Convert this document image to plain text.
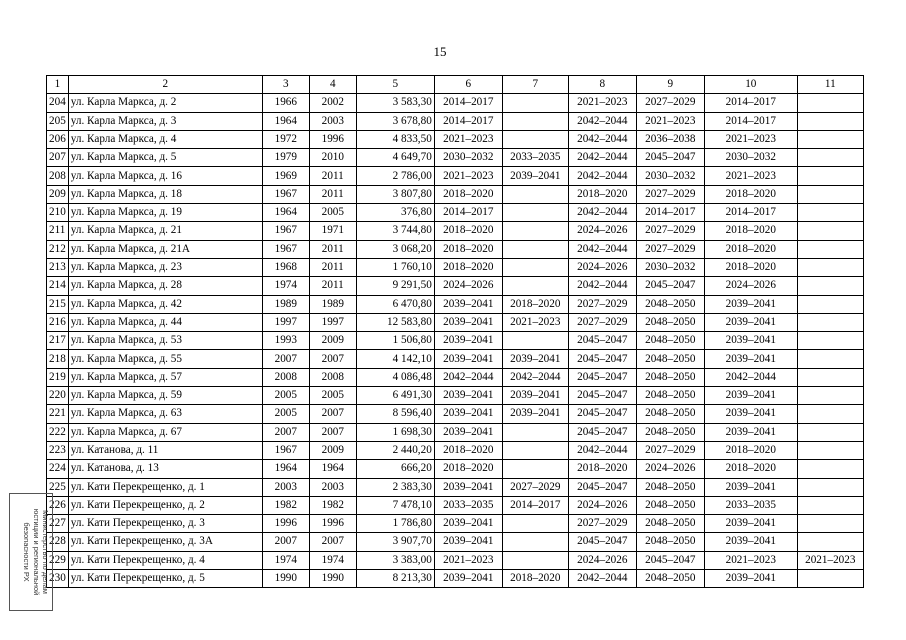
15
1	2	3	4	5	6	7	8	9	10	11
204	ул. Карла Маркса, д. 2	1966	2002	3 583,30	2014–2017		2021–2023	2027–2029	2014–2017	
205	ул. Карла Маркса, д. 3	1964	2003	3 678,80	2014–2017		2042–2044	2021–2023	2014–2017	
206	ул. Карла Маркса, д. 4	1972	1996	4 833,50	2021–2023		2042–2044	2036–2038	2021–2023	
207	ул. Карла Маркса, д. 5	1979	2010	4 649,70	2030–2032	2033–2035	2042–2044	2045–2047	2030–2032	
208	ул. Карла Маркса, д. 16	1969	2011	2 786,00	2021–2023	2039–2041	2042–2044	2030–2032	2021–2023	
209	ул. Карла Маркса, д. 18	1967	2011	3 807,80	2018–2020		2018–2020	2027–2029	2018–2020	
210	ул. Карла Маркса, д. 19	1964	2005	376,80	2014–2017		2042–2044	2014–2017	2014–2017	
211	ул. Карла Маркса, д. 21	1967	1971	3 744,80	2018–2020		2024–2026	2027–2029	2018–2020	
212	ул. Карла Маркса, д. 21А	1967	2011	3 068,20	2018–2020		2042–2044	2027–2029	2018–2020	
213	ул. Карла Маркса, д. 23	1968	2011	1 760,10	2018–2020		2024–2026	2030–2032	2018–2020	
214	ул. Карла Маркса, д. 28	1974	2011	9 291,50	2024–2026		2042–2044	2045–2047	2024–2026	
215	ул. Карла Маркса, д. 42	1989	1989	6 470,80	2039–2041	2018–2020	2027–2029	2048–2050	2039–2041	
216	ул. Карла Маркса, д. 44	1997	1997	12 583,80	2039–2041	2021–2023	2027–2029	2048–2050	2039–2041	
217	ул. Карла Маркса, д. 53	1993	2009	1 506,80	2039–2041		2045–2047	2048–2050	2039–2041	
218	ул. Карла Маркса, д. 55	2007	2007	4 142,10	2039–2041	2039–2041	2045–2047	2048–2050	2039–2041	
219	ул. Карла Маркса, д. 57	2008	2008	4 086,48	2042–2044	2042–2044	2045–2047	2048–2050	2042–2044	
220	ул. Карла Маркса, д. 59	2005	2005	6 491,30	2039–2041	2039–2041	2045–2047	2048–2050	2039–2041	
221	ул. Карла Маркса, д. 63	2005	2007	8 596,40	2039–2041	2039–2041	2045–2047	2048–2050	2039–2041	
222	ул. Карла Маркса, д. 67	2007	2007	1 698,30	2039–2041		2045–2047	2048–2050	2039–2041	
223	ул. Катанова, д. 11	1967	2009	2 440,20	2018–2020		2042–2044	2027–2029	2018–2020	
224	ул. Катанова, д. 13	1964	1964	666,20	2018–2020		2018–2020	2024–2026	2018–2020	
225	ул. Кати Перекрещенко, д. 1	2003	2003	2 383,30	2039–2041	2027–2029	2045–2047	2048–2050	2039–2041	
226	ул. Кати Перекрещенко, д. 2	1982	1982	7 478,10	2033–2035	2014–2017	2024–2026	2048–2050	2033–2035	
227	ул. Кати Перекрещенко, д. 3	1996	1996	1 786,80	2039–2041		2027–2029	2048–2050	2039–2041	
228	ул. Кати Перекрещенко, д. 3А	2007	2007	3 907,70	2039–2041		2045–2047	2048–2050	2039–2041	
229	ул. Кати Перекрещенко, д. 4	1974	1974	3 383,00	2021–2023		2024–2026	2045–2047	2021–2023	2021–2023
230	ул. Кати Перекрещенко, д. 5	1990	1990	8 213,30	2039–2041	2018–2020	2042–2044	2048–2050	2039–2041	
Министерство по делам
юстиции и региональной
безопасности РХ
